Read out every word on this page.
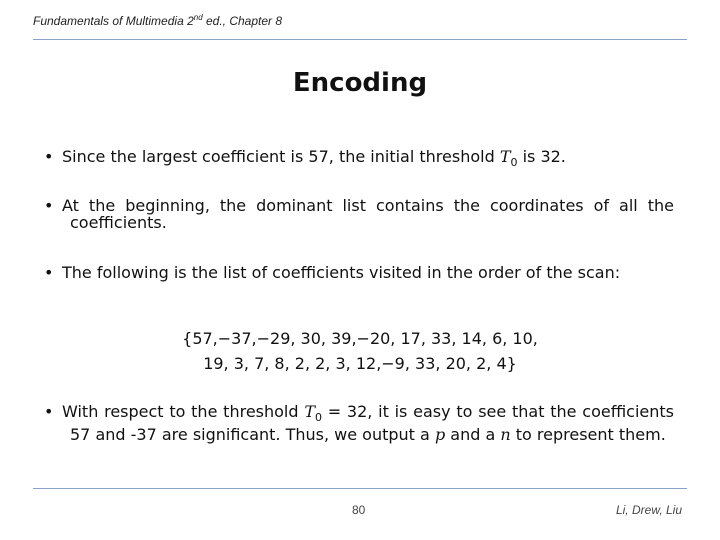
Fundamentals of Multimedia 2nd ed., Chapter 8
Encoding
• Since the largest coefficient is 57, the initial threshold $T_0$ is 32.
• At the beginning, the dominant list contains the coordinates of all the coefficients.
• The following is the list of coefficients visited in the order of the scan:
{57,−37,−29, 30, 39,−20, 17, 33, 14, 6, 10,
19, 3, 7, 8, 2, 2, 3, 12,−9, 33, 20, 2, 4}
• With respect to the threshold $T_0 = 32$, it is easy to see that the coefficients 57 and -37 are significant. Thus, we output a p and a n to represent them.
80	Li, Drew, Liu
